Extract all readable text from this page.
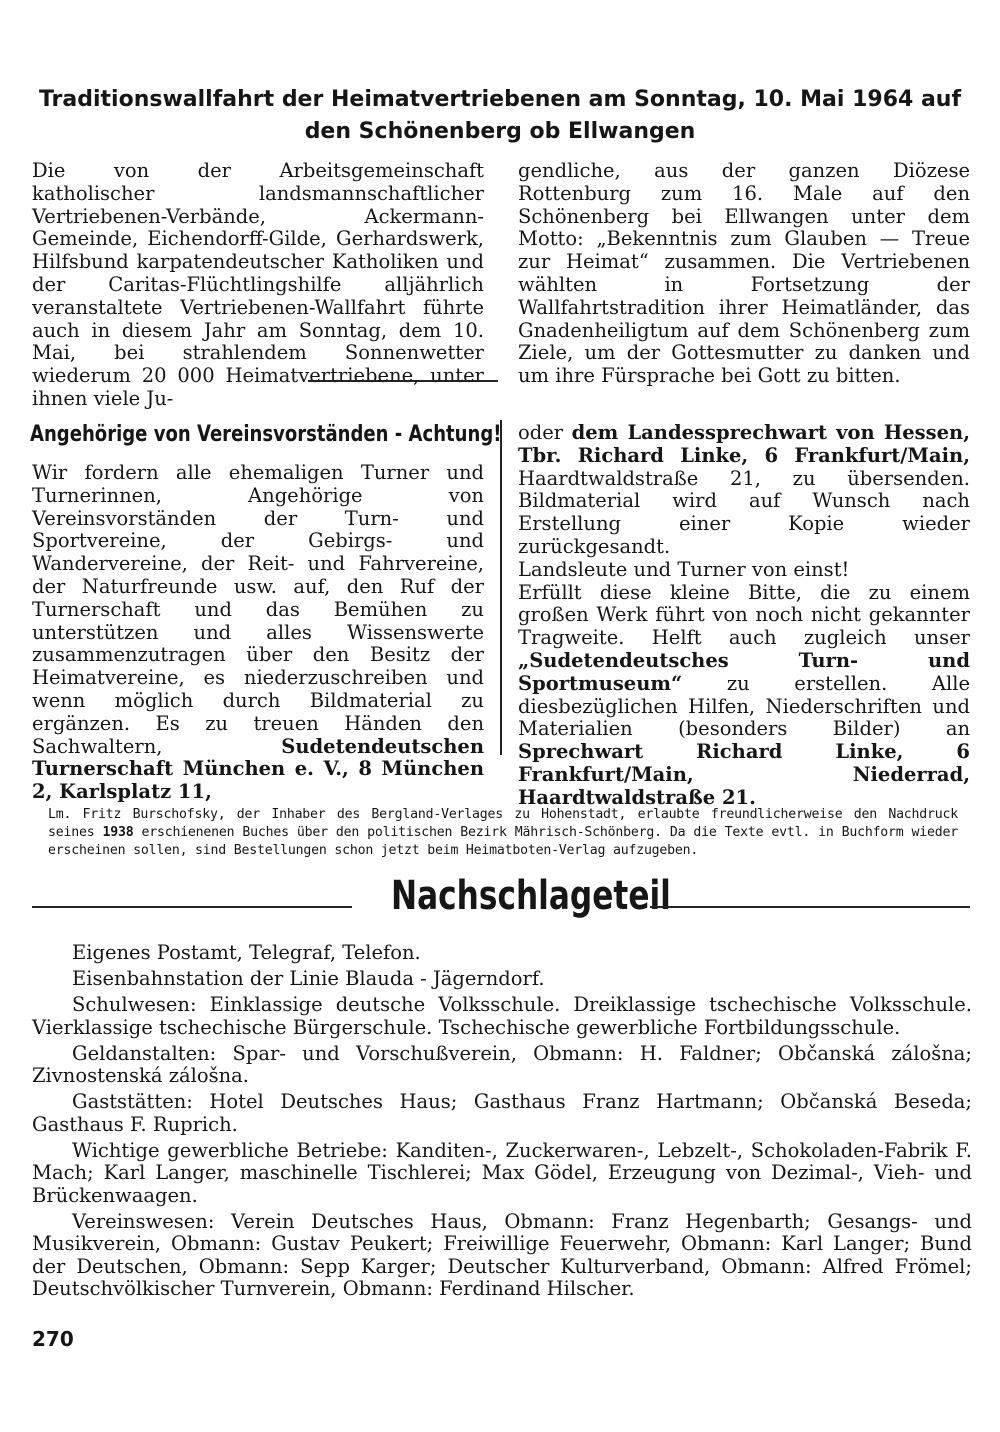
Traditionswallfahrt der Heimatvertriebenen am Sonntag, 10. Mai 1964 auf den Schönenberg ob Ellwangen

Die von der Arbeitsgemeinschaft katholischer landsmannschaftlicher Vertriebenen-Verbände, Ackermann-Gemeinde, Eichendorff-Gilde, Gerhardswerk, Hilfsbund karpatendeutscher Katholiken und der Caritas-Flüchtlingshilfe alljährlich veranstaltete Vertriebenen-Wallfahrt führte auch in diesem Jahr am Sonntag, dem 10. Mai, bei strahlendem Sonnenwetter wiederum 20 000 Heimatvertriebene, unter ihnen viele Ju-

gendliche, aus der ganzen Diözese Rottenburg zum 16. Male auf den Schönenberg bei Ellwangen unter dem Motto: „Bekenntnis zum Glauben — Treue zur Heimat“ zusammen. Die Vertriebenen wählten in Fortsetzung der Wallfahrtstradition ihrer Heimatländer, das Gnadenheiligtum auf dem Schönenberg zum Ziele, um der Gottesmutter zu danken und um ihre Fürsprache bei Gott zu bitten.

Angehörige von Vereinsvorständen - Achtung!

Wir fordern alle ehemaligen Turner und Turnerinnen, Angehörige von Vereinsvorständen der Turn- und Sportvereine, der Gebirgs- und Wandervereine, der Reit- und Fahrvereine, der Naturfreunde usw. auf, den Ruf der Turnerschaft und das Bemühen zu unterstützen und alles Wissenswerte zusammenzutragen über den Besitz der Heimatvereine, es niederzuschreiben und wenn möglich durch Bildmaterial zu ergänzen. Es zu treuen Händen den Sachwaltern,	Sudetendeutschen Turnerschaft München e. V., 8 München 2, Karlsplatz 11,

oder dem Landessprechwart von Hessen, Tbr. Richard Linke, 6 Frankfurt/Main, Haardtwaldstraße 21, zu übersenden. Bildmaterial wird auf Wunsch nach Erstellung einer Kopie wieder zurückgesandt.

Landsleute und Turner von einst!

Erfüllt diese kleine Bitte, die zu einem großen Werk führt von noch nicht gekannter Tragweite. Helft auch zugleich unser „Sudetendeutsches Turn- und Sportmuseum“ zu erstellen. Alle diesbezüglichen Hilfen, Niederschriften und Materialien (besonders Bilder) an Sprechwart Richard Linke, 6 Frankfurt/Main, Niederrad, Haardtwaldstraße 21.

Lm. Fritz Burschofsky, der Inhaber des Bergland-Verlages zu Hohenstadt, erlaubte freundlicherweise den Nachdruck seines 1938 erschienenen Buches über den politischen Bezirk Mährisch-Schönberg. Da die Texte evtl. in Buchform wieder erscheinen sollen, sind Bestellungen schon jetzt beim Heimatboten-Verlag aufzugeben.

Nachschlageteil

Eigenes Postamt, Telegraf, Telefon.

Eisenbahnstation der Linie Blauda - Jägerndorf.

Schulwesen: Einklassige deutsche Volksschule. Dreiklassige tschechische Volksschule. Vierklassige tschechische Bürgerschule. Tschechische gewerbliche Fortbildungsschule.

Geldanstalten: Spar- und Vorschußverein, Obmann: H. Faldner; Občanská zálošna; Zivnostenská zálošna.

Gaststätten: Hotel Deutsches Haus; Gasthaus Franz Hartmann; Občanská Beseda; Gasthaus F. Ruprich.

Wichtige gewerbliche Betriebe: Kanditen-, Zuckerwaren-, Lebzelt-, Schokoladen-Fabrik F. Mach; Karl Langer, maschinelle Tischlerei; Max Gödel, Erzeugung von Dezimal-, Vieh- und Brückenwaagen.

Vereinswesen: Verein Deutsches Haus, Obmann: Franz Hegenbarth; Gesangs- und Musikverein, Obmann: Gustav Peukert; Freiwillige Feuerwehr, Obmann: Karl Langer; Bund der Deutschen, Obmann: Sepp Karger; Deutscher Kulturverband, Obmann: Alfred Frömel; Deutschvölkischer Turnverein, Obmann: Ferdinand Hilscher.

270
